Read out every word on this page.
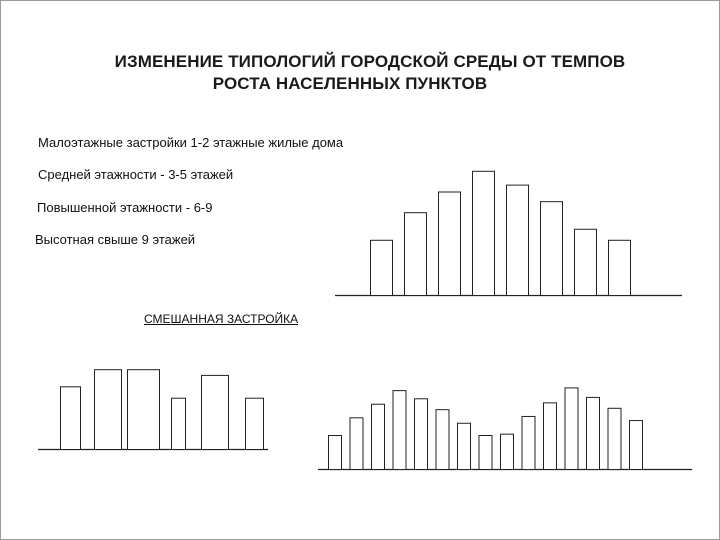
ИЗМЕНЕНИЕ ТИПОЛОГИЙ ГОРОДСКОЙ СРЕДЫ ОТ ТЕМПОВ
РОСТА НАСЕЛЕННЫХ ПУНКТОВ
Малоэтажные застройки 1-2 этажные жилые дома
Средней этажности - 3-5 этажей
Повышенной этажности - 6-9
Высотная свыше 9 этажей
СМЕШАННАЯ ЗАСТРОЙКА
